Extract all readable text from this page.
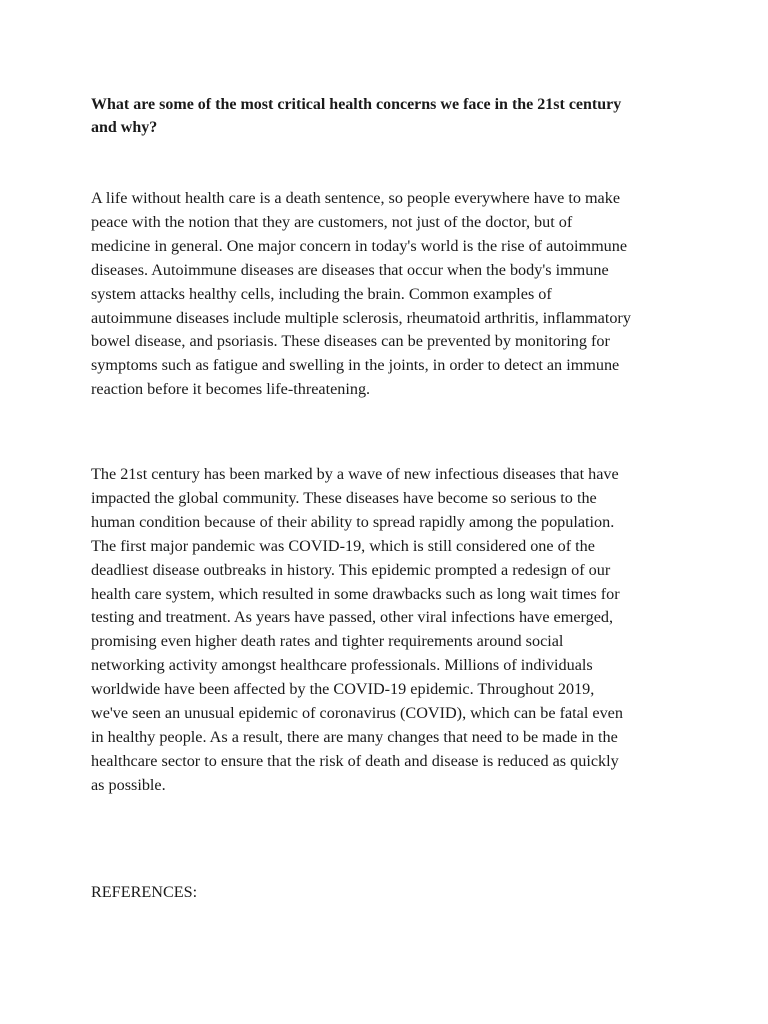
What are some of the most critical health concerns we face in the 21st century
and why?

A life without health care is a death sentence, so people everywhere have to make
peace with the notion that they are customers, not just of the doctor, but of
medicine in general. One major concern in today's world is the rise of autoimmune
diseases. Autoimmune diseases are diseases that occur when the body's immune
system attacks healthy cells, including the brain. Common examples of
autoimmune diseases include multiple sclerosis, rheumatoid arthritis, inflammatory
bowel disease, and psoriasis. These diseases can be prevented by monitoring for
symptoms such as fatigue and swelling in the joints, in order to detect an immune
reaction before it becomes life-threatening.

The 21st century has been marked by a wave of new infectious diseases that have
impacted the global community. These diseases have become so serious to the
human condition because of their ability to spread rapidly among the population.
The first major pandemic was COVID-19, which is still considered one of the
deadliest disease outbreaks in history. This epidemic prompted a redesign of our
health care system, which resulted in some drawbacks such as long wait times for
testing and treatment. As years have passed, other viral infections have emerged,
promising even higher death rates and tighter requirements around social
networking activity amongst healthcare professionals. Millions of individuals
worldwide have been affected by the COVID-19 epidemic. Throughout 2019,
we've seen an unusual epidemic of coronavirus (COVID), which can be fatal even
in healthy people. As a result, there are many changes that need to be made in the
healthcare sector to ensure that the risk of death and disease is reduced as quickly
as possible.

REFERENCES:
